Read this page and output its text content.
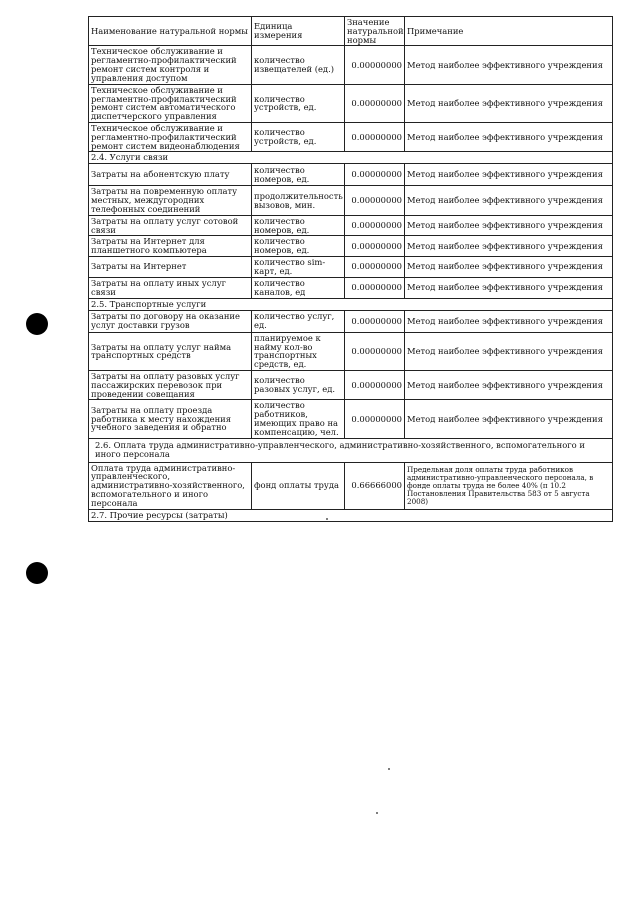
Наименование натуральной нормы	Единица измерения	Значение натуральной нормы	Примечание
Техническое обслуживание и регламентно-профилактический ремонт систем контроля и управления доступом	количество извещателей (ед.)	0.00000000	Метод наиболее эффективного учреждения
Техническое обслуживание и регламентно-профилактический ремонт систем автоматического диспетчерского управления	количество устройств, ед.	0.00000000	Метод наиболее эффективного учреждения
Техническое обслуживание и регламентно-профилактический ремонт систем видеонаблюдения	количество устройств, ед.	0.00000000	Метод наиболее эффективного учреждения
2.4. Услуги связи			
Затраты на абонентскую плату	количество номеров, ед.	0.00000000	Метод наиболее эффективного учреждения
Затраты на повременную оплату местных, междугородних телефонных соединений	продолжительность вызовов, мин.	0.00000000	Метод наиболее эффективного учреждения
Затраты на оплату услуг сотовой связи	количество номеров, ед.	0.00000000	Метод наиболее эффективного учреждения
Затраты на Интернет для планшетного компьютера	количество номеров, ед.	0.00000000	Метод наиболее эффективного учреждения
Затраты на Интернет	количество sim-карт, ед.	0.00000000	Метод наиболее эффективного учреждения
Затраты на оплату иных услуг связи	количество каналов, ед	0.00000000	Метод наиболее эффективного учреждения
2.5. Транспортные услуги			
Затраты по договору на оказание услуг доставки грузов	количество услуг, ед.	0.00000000	Метод наиболее эффективного учреждения
Затраты на оплату услуг найма транспортных средств	планируемое к найму кол-во транспортных средств, ед.	0.00000000	Метод наиболее эффективного учреждения
Затраты на оплату разовых услуг пассажирских перевозок при проведении совещания	количество разовых услуг, ед.	0.00000000	Метод наиболее эффективного учреждения
Затраты на оплату проезда работника к месту нахождения учебного заведения и обратно	количество работников, имеющих право на компенсацию, чел.	0.00000000	Метод наиболее эффективного учреждения
2.6. Оплата труда административно-управленческого, административно-хозяйственного, вспомогательного и иного персонала			
Оплата труда административно-управленческого, административно-хозяйственного, вспомогательного и иного персонала	фонд оплаты труда	0.66666000	Предельная доля оплаты труда работников административно-управленческого персонала, в фонде оплаты труда не более 40% (п 10.2 Постановления Правительства 583 от 5 августа 2008)
2.7. Прочие ресурсы (затраты)			
